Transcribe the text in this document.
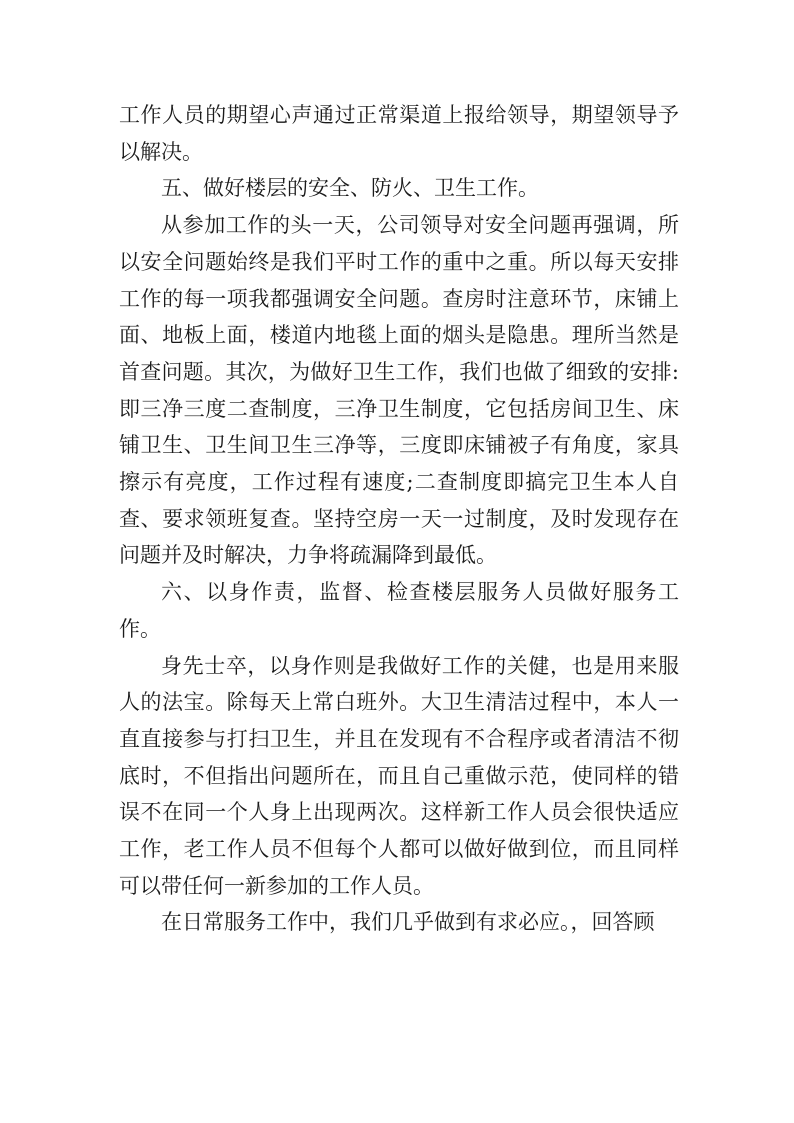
工作人员的期望心声通过正常渠道上报给领导，期望领导予以解决。

五、做好楼层的安全、防火、卫生工作。

从参加工作的头一天，公司领导对安全问题再强调，所以安全问题始终是我们平时工作的重中之重。所以每天安排工作的每一项我都强调安全问题。查房时注意环节，床铺上面、地板上面，楼道内地毯上面的烟头是隐患。理所当然是首查问题。其次，为做好卫生工作，我们也做了细致的安排:即三净三度二查制度，三净卫生制度，它包括房间卫生、床铺卫生、卫生间卫生三净等，三度即床铺被子有角度，家具擦示有亮度，工作过程有速度;二查制度即搞完卫生本人自查、要求领班复查。坚持空房一天一过制度，及时发现存在问题并及时解决，力争将疏漏降到最低。

六、以身作责，监督、检查楼层服务人员做好服务工作。

身先士卒，以身作则是我做好工作的关健，也是用来服人的法宝。除每天上常白班外。大卫生清洁过程中，本人一直直接参与打扫卫生，并且在发现有不合程序或者清洁不彻底时，不但指出问题所在，而且自己重做示范，使同样的错误不在同一个人身上出现两次。这样新工作人员会很快适应工作，老工作人员不但每个人都可以做好做到位，而且同样可以带任何一新参加的工作人员。

在日常服务工作中，我们几乎做到有求必应。，回答顾
